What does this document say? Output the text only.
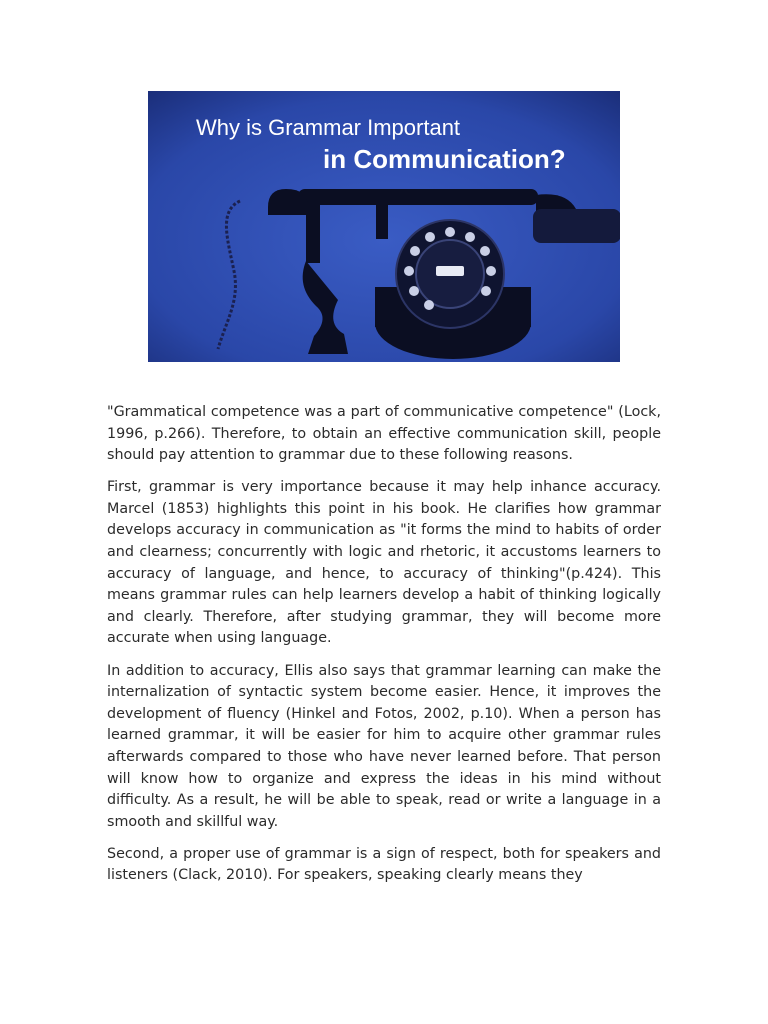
Why is Grammar Important
in Communication?

"Grammatical competence was a part of communicative competence" (Lock, 1996, p.266). Therefore, to obtain an effective communication skill, people should pay attention to grammar due to these following reasons.

First, grammar is very importance because it may help inhance accuracy. Marcel (1853) highlights this point in his book. He clarifies how grammar develops accuracy in communication as "it forms the mind to habits of order and clearness; concurrently with logic and rhetoric, it accustoms learners to accuracy of language, and hence, to accuracy of thinking"(p.424). This means grammar rules can help learners develop a habit of thinking logically and clearly. Therefore, after studying grammar, they will become more accurate when using language.

In addition to accuracy, Ellis also says that grammar learning can make the internalization of syntactic system become easier. Hence, it improves the development of fluency (Hinkel and Fotos, 2002, p.10). When a person has learned grammar, it will be easier for him to acquire other grammar rules afterwards compared to those who have never learned before. That person will know how to organize and express the ideas in his mind without difficulty. As a result, he will be able to speak, read or write a language in a smooth and skillful way.

Second, a proper use of grammar is a sign of respect, both for speakers and listeners (Clack, 2010). For speakers, speaking clearly means they
